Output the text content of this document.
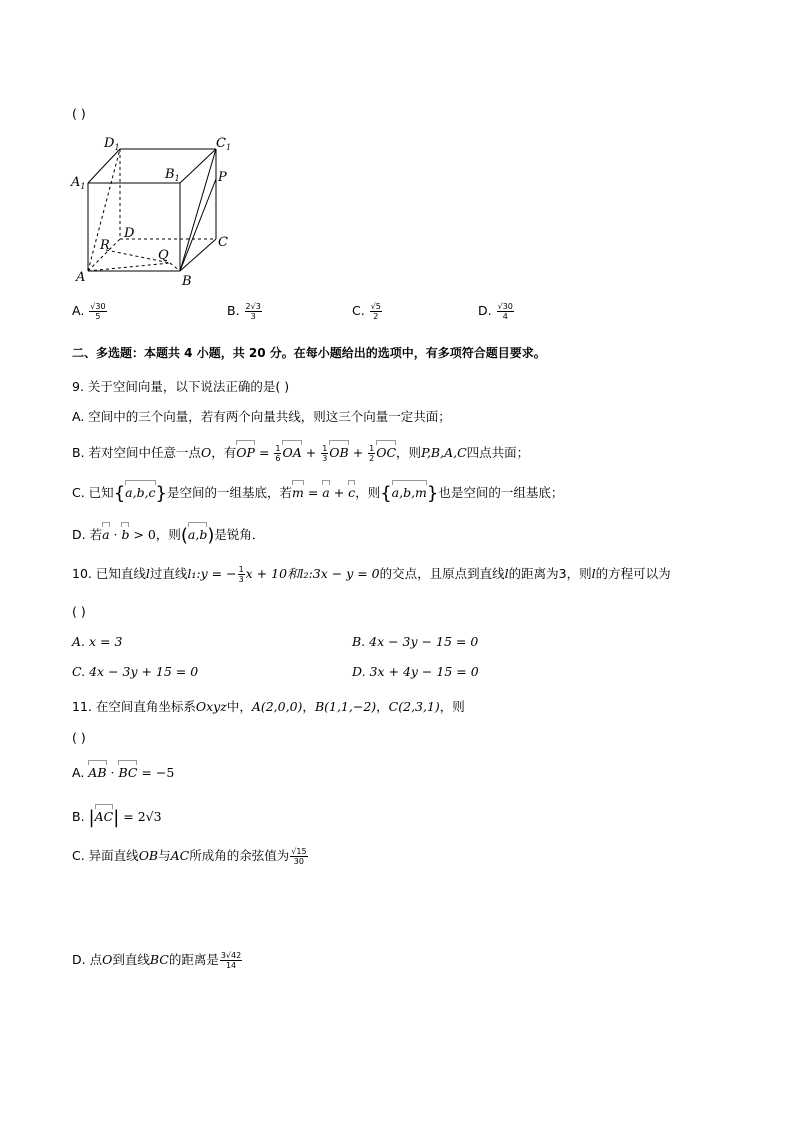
( )
$D_1$	$C_1$
$A_1$
$B_1$	P
D
C
R
Q
A	B
A. $\frac{√30}{5}$	B. $\frac{2√3}{3}$	C. $\frac{√5}{2}$	D. $\frac{√30}{4}$
二、多选题：本题共 4 小题，共 20 分。在每小题给出的选项中，有多项符合题目要求。
9. 关于空间向量，以下说法正确的是( )
A. 空间中的三个向量，若有两个向量共线，则这三个向量一定共面；
B. 若对空间中任意一点O，有OP = $\frac{1}{6}$ OA + $\frac{1}{3}$ OB + $\frac{1}{2}$ OC，则P,B,A,C四点共面；
C. 已知{a,b,c}是空间的一组基底，若m = a + c，则{a,b,m}也是空间的一组基底；
D. 若a · b > 0，则(a,b)是锐角．
10. 已知直线l过直线l₁:y = − $\frac{1}{3}$ x + 10和l₂:3x − y = 0的交点，且原点到直线l的距离为3，则l的方程可以为
( )
A. x = 3	B. 4x − 3y − 15 = 0
C. 4x − 3y + 15 = 0	D. 3x + 4y − 15 = 0
11. 在空间直角坐标系Oxyz中，A(2,0,0)，B(1,1,−2)，C(2,3,1)，则
( )
A. AB · BC = −5
B. |AC| = 2√3
C. 异面直线OB与AC所成角的余弦值为 $\frac{√15}{30}$
D. 点O到直线BC的距离是 $\frac{3√42}{14}$
